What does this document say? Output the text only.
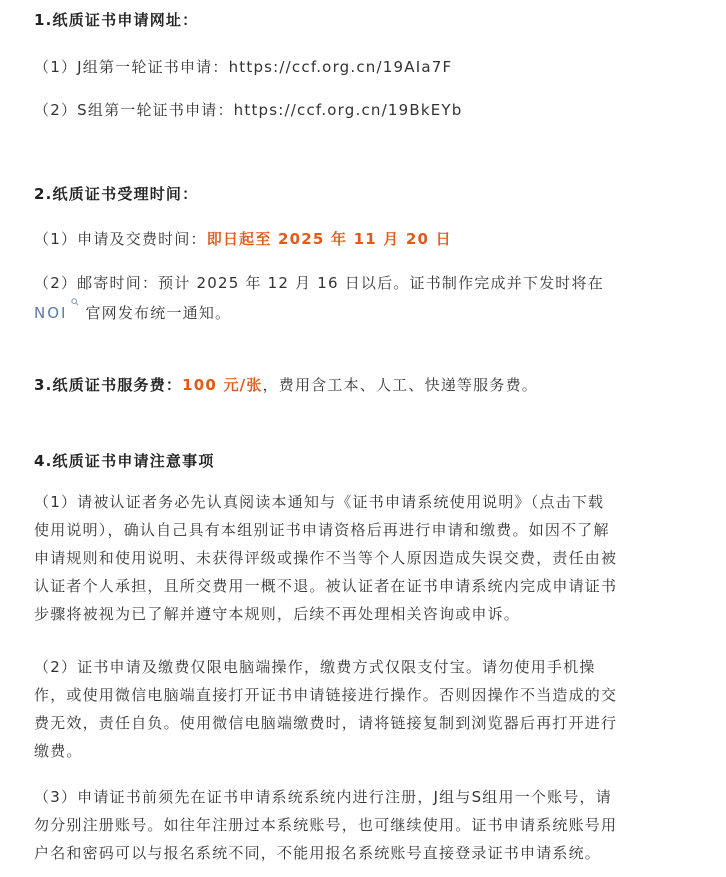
1.纸质证书申请网址：
（1）J组第一轮证书申请：https://ccf.org.cn/19AIa7F
（2）S组第一轮证书申请：https://ccf.org.cn/19BkEYb
2.纸质证书受理时间：
（1）申请及交费时间：即日起至 2025 年 11 月 20 日
（2）邮寄时间：预计 2025 年 12 月 16 日以后。证书制作完成并下发时将在
NOI 官网发布统一通知。
3.纸质证书服务费：100 元/张，费用含工本、人工、快递等服务费。
4.纸质证书申请注意事项
（1）请被认证者务必先认真阅读本通知与《证书申请系统使用说明》（点击下载
使用说明），确认自己具有本组别证书申请资格后再进行申请和缴费。如因不了解
申请规则和使用说明、未获得评级或操作不当等个人原因造成失误交费，责任由被
认证者个人承担，且所交费用一概不退。被认证者在证书申请系统内完成申请证书
步骤将被视为已了解并遵守本规则，后续不再处理相关咨询或申诉。
（2）证书申请及缴费仅限电脑端操作，缴费方式仅限支付宝。请勿使用手机操
作，或使用微信电脑端直接打开证书申请链接进行操作。否则因操作不当造成的交
费无效，责任自负。使用微信电脑端缴费时，请将链接复制到浏览器后再打开进行
缴费。
（3）申请证书前须先在证书申请系统系统内进行注册，J组与S组用一个账号，请
勿分别注册账号。如往年注册过本系统账号，也可继续使用。证书申请系统账号用
户名和密码可以与报名系统不同，不能用报名系统账号直接登录证书申请系统。
